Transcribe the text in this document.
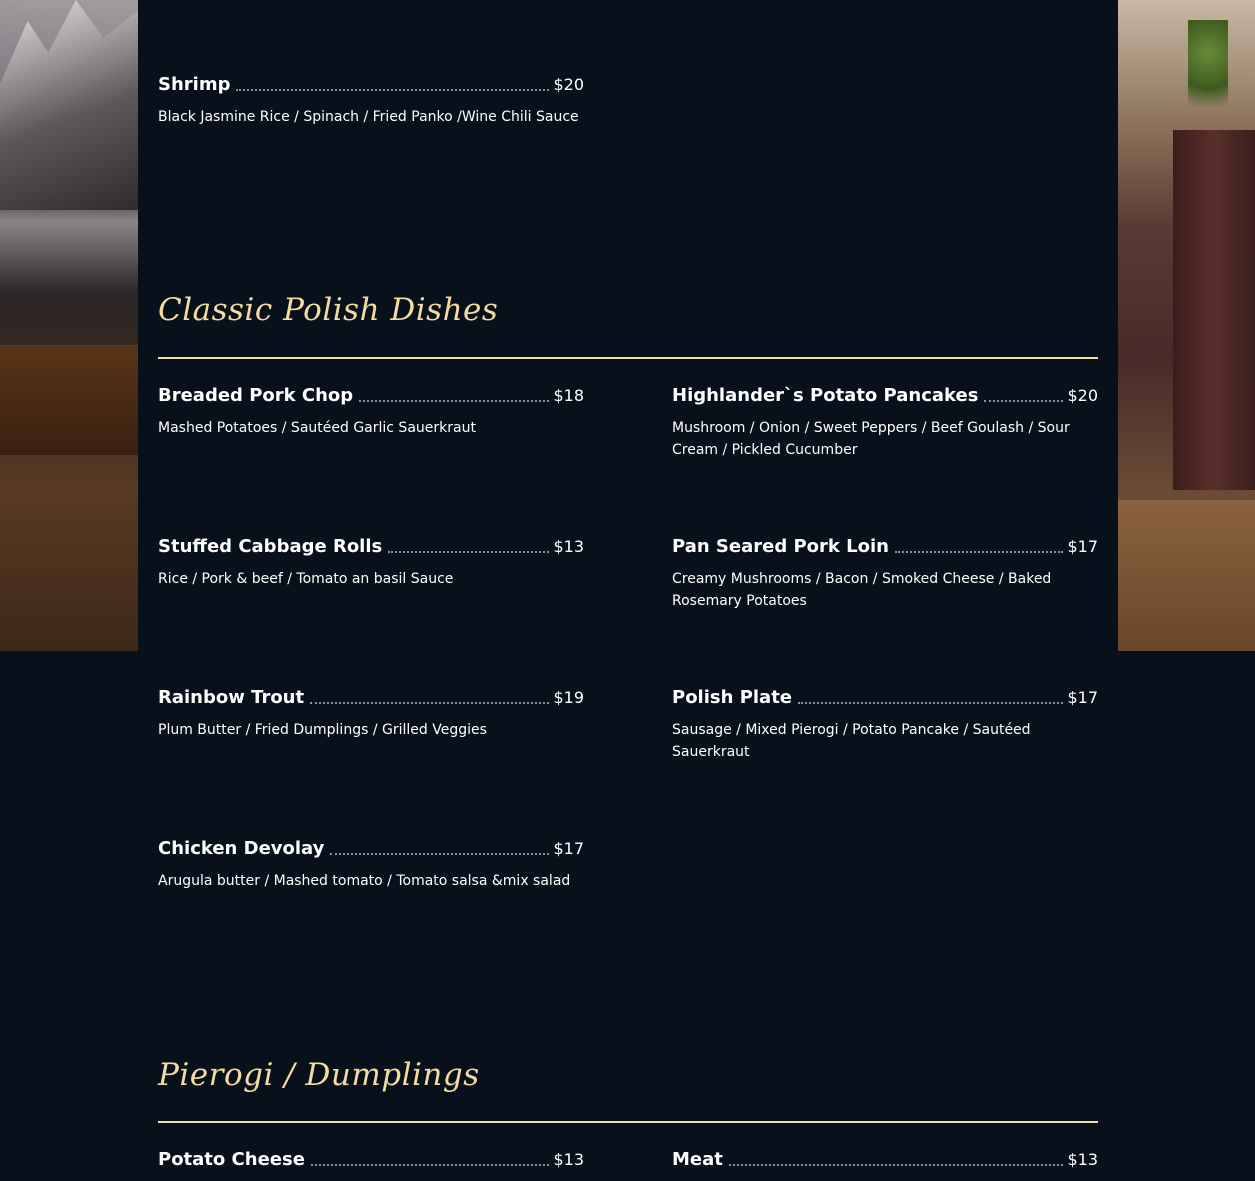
Shrimp	$20
Black Jasmine Rice / Spinach / Fried Panko /Wine Chili Sauce
Classic Polish Dishes
Breaded Pork Chop	$18
Mashed Potatoes / Sautéed Garlic Sauerkraut
Highlander`s Potato Pancakes	$20
Mushroom / Onion / Sweet Peppers / Beef Goulash / Sour Cream / Pickled Cucumber
Stuffed Cabbage Rolls	$13
Rice / Pork & beef / Tomato an basil Sauce
Pan Seared Pork Loin	$17
Creamy Mushrooms / Bacon / Smoked Cheese / Baked Rosemary Potatoes
Rainbow Trout	$19
Plum Butter / Fried Dumplings / Grilled Veggies
Polish Plate	$17
Sausage / Mixed Pierogi / Potato Pancake / Sautéed Sauerkraut
Chicken Devolay	$17
Arugula butter / Mashed tomato / Tomato salsa &mix salad
Pierogi / Dumplings
Potato Cheese	$13	Meat	$13
